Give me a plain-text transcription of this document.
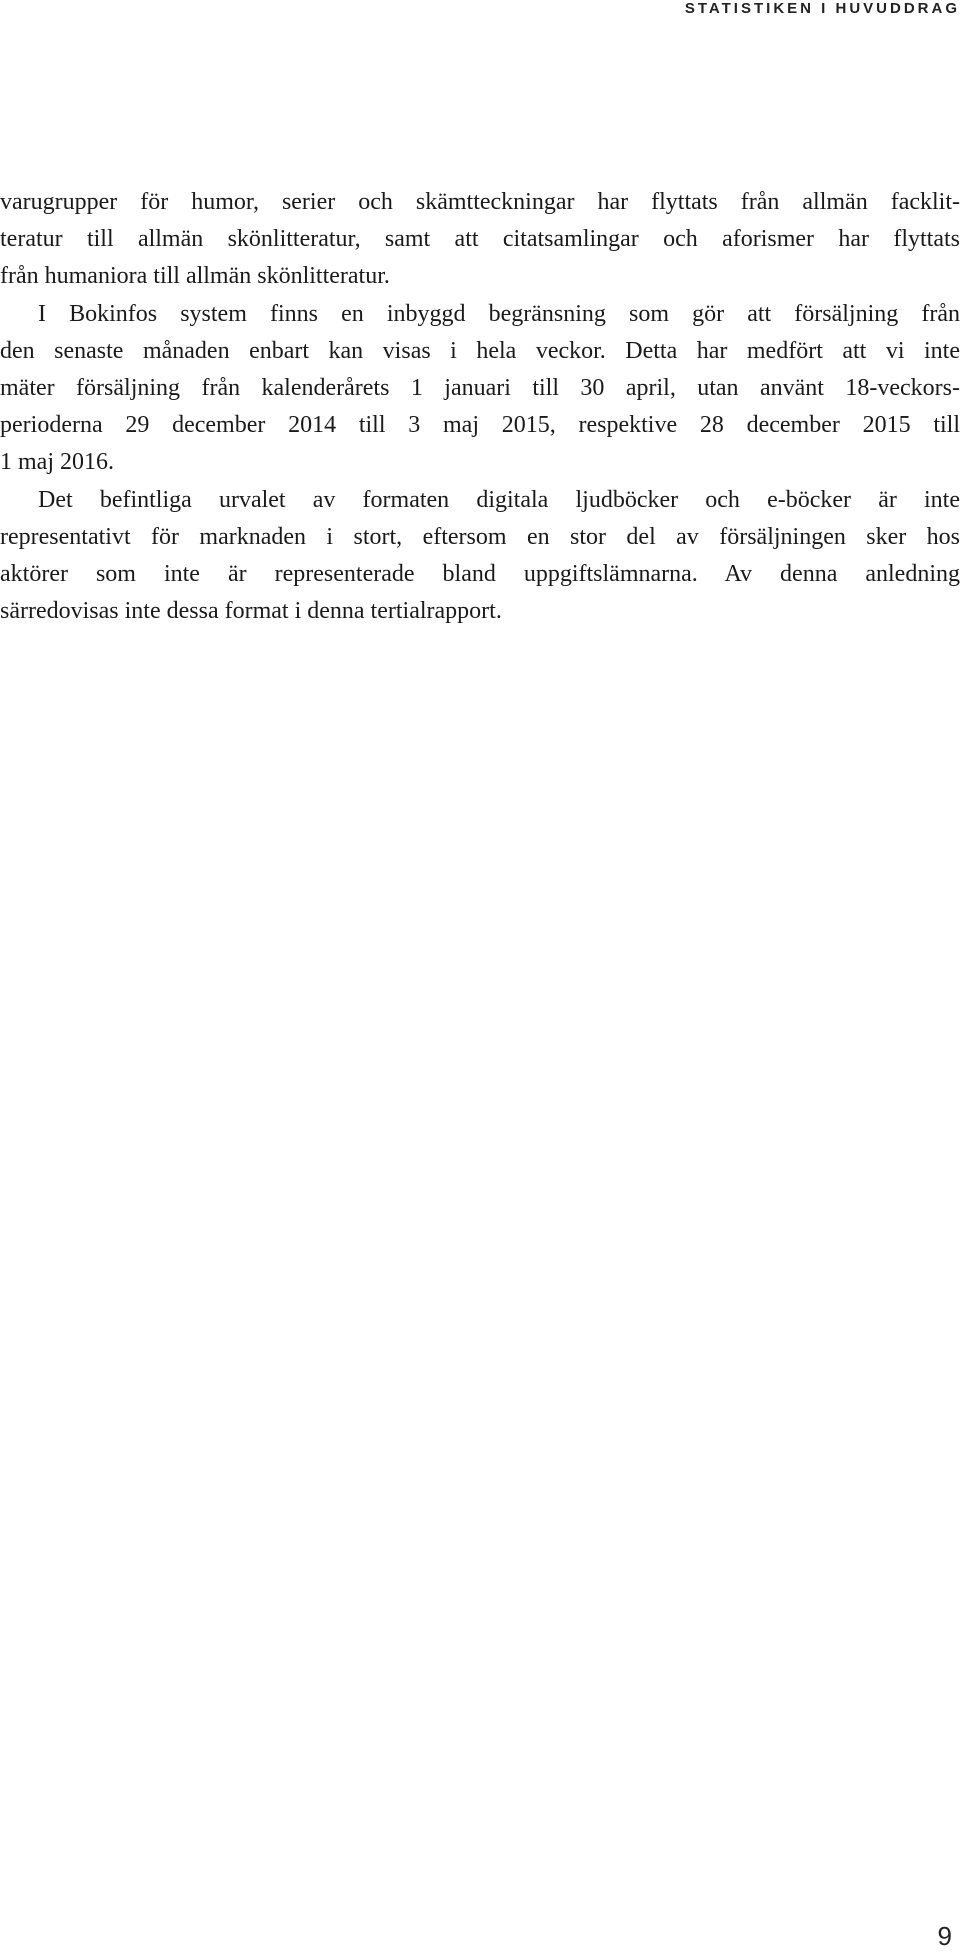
STATISTIKEN I HUVUDDRAG
varugrupper för humor, serier och skämtteckningar har flyttats från allmän facklit-
teratur till allmän skönlitteratur, samt att citatsamlingar och aforismer har flyttats
från humaniora till allmän skönlitteratur.
I Bokinfos system finns en inbyggd begränsning som gör att försäljning från
den senaste månaden enbart kan visas i hela veckor. Detta har medfört att vi inte
mäter försäljning från kalenderårets 1 januari till 30 april, utan använt 18-veckors-
perioderna 29 december 2014 till 3 maj 2015, respektive 28 december 2015 till
1 maj 2016.
Det befintliga urvalet av formaten digitala ljudböcker och e-böcker är inte
representativt för marknaden i stort, eftersom en stor del av försäljningen sker hos
aktörer som inte är representerade bland uppgiftslämnarna. Av denna anledning
särredovisas inte dessa format i denna tertialrapport.
9
